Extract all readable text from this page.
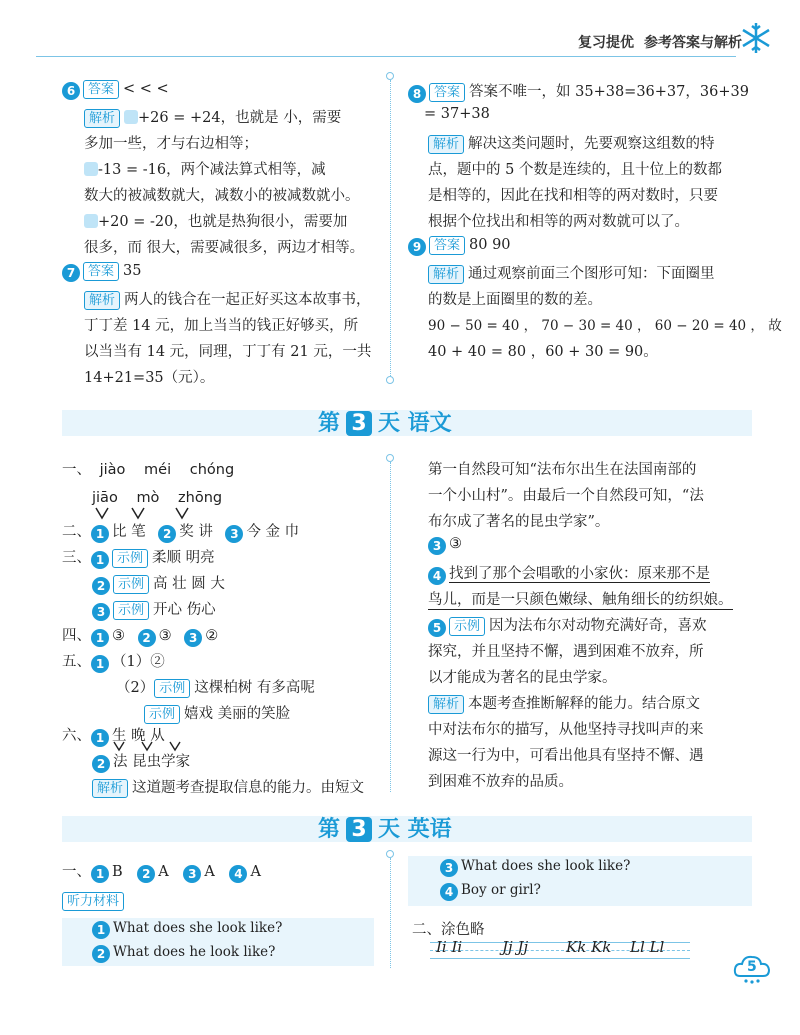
复习提优 参考答案与解析
6 答案 < < <
解析 +26 = +24，也就是 小，需要
多加一些，才与右边相等；
-13 = -16，两个减法算式相等，减
数大的被减数就大，减数小的被减数就小。
+20 = -20，也就是热狗很小，需要加
很多，而 很大，需要减很多，两边才相等。
7 答案 35
解析 两人的钱合在一起正好买这本故事书，
丁丁差 14 元，加上当当的钱正好够买，所
以当当有 14 元，同理，丁丁有 21 元，一共
14+21=35（元）。
8 答案 答案不唯一，如 35+38=36+37，36+39
= 37+38
解析 解决这类问题时，先要观察这组数的特
点，题中的 5 个数是连续的，且十位上的数都
是相等的，因此在找和相等的两对数时，只要
根据个位找出和相等的两对数就可以了。
9 答案 80 90
解析 通过观察前面三个图形可知：下面圈里
的数是上面圈里的数的差。
90 − 50 = 40 ， 70 − 30 = 40 ， 60 − 20 = 40 ， 故
40 + 40 = 80 ，60 + 30 = 90。
第 3 天 语文
一、 jiào méi chóng
jiāo mò zhōng
二、 1 比 笔 2 奖 讲 3 今 金 巾
三、 1 示例 柔顺 明亮
2 示例 高 壮 圆 大
3 示例 开心 伤心
四、 1 ③ 2 ③ 3 ②
五、 1 （1）②
（2） 示例 这棵柏树 有多高呢
示例 嬉戏 美丽的笑脸
六、 1 生 晚 从
2 法 昆虫学家
解析 这道题考查提取信息的能力。由短文
第一自然段可知“法布尔出生在法国南部的
一个小山村”。由最后一个自然段可知，“法
布尔成了著名的昆虫学家”。
3 ③
4 找到了那个会唱歌的小家伙：原来那不是
鸟儿，而是一只颜色嫩绿、触角细长的纺织娘。
5 示例 因为法布尔对动物充满好奇，喜欢
探究，并且坚持不懈，遇到困难不放弃，所
以才能成为著名的昆虫学家。
解析 本题考查推断解释的能力。结合原文
中对法布尔的描写，从他坚持寻找叫声的来
源这一行为中，可看出他具有坚持不懈、遇
到困难不放弃的品质。
第 3 天 英语
一、 1 B 2 A 3 A 4 A
听力材料
1 What does she look like?
2 What does he look like?
3 What does she look like?
4 Boy or girl?
二、涂色略
Ii Ii	Jj Jj	Kk Kk Ll Ll
5
